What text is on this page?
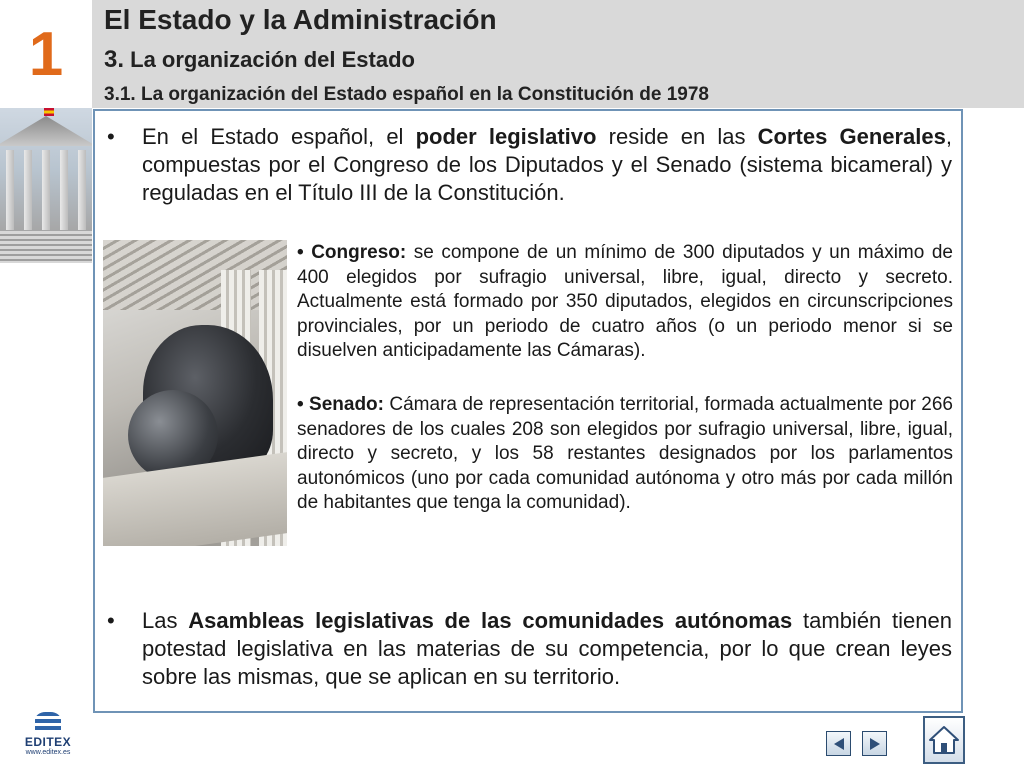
1	El Estado y la Administración
3. La organización del Estado
3.1. La organización del Estado español en la Constitución de 1978
• En el Estado español, el poder legislativo reside en las Cortes Generales, compuestas por el Congreso de los Diputados y el Senado (sistema bicameral) y reguladas en el Título III de la Constitución.
• Congreso: se compone de un mínimo de 300 diputados y un máximo de 400 elegidos por sufragio universal, libre, igual, directo y secreto. Actualmente está formado por 350 diputados, elegidos en circunscripciones provinciales, por un periodo de cuatro años (o un periodo menor si se disuelven anticipadamente las Cámaras).
• Senado: Cámara de representación territorial, formada actualmente por 266 senadores de los cuales 208 son elegidos por sufragio universal, libre, igual, directo y secreto, y los 58 restantes designados por los parlamentos autonómicos (uno por cada comunidad autónoma y otro más por cada millón de habitantes que tenga la comunidad).
• Las Asambleas legislativas de las comunidades autónomas también tienen potestad legislativa en las materias de su competencia, por lo que crean leyes sobre las mismas, que se aplican en su territorio.
EDITEX
www.editex.es
